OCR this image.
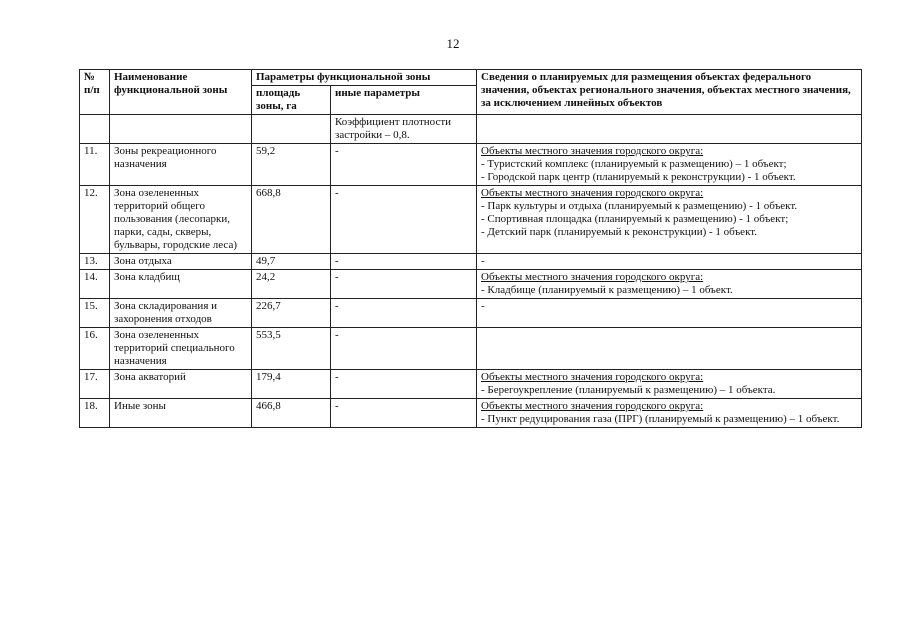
12
№ п/п	Наименование функциональной зоны	Параметры функциональной зоны		Сведения о планируемых для размещения объектах федерального значения, объектах регионального значения, объектах местного значения, за исключением линейных объектов
		площадь зоны, га	иные параметры	
			Коэффициент плотности застройки – 0,8.	
11.	Зоны рекреационного назначения	59,2	-	Объекты местного значения городского округа:
- Туристский комплекс (планируемый к размещению) – 1 объект;
- Городской парк центр (планируемый к реконструкции) - 1 объект.

12.	Зона озелененных территорий общего пользования (лесопарки, парки, сады, скверы, бульвары, городские леса)	668,8	-	Объекты местного значения городского округа:
- Парк культуры и отдыха (планируемый к размещению) - 1 объект.
- Спортивная площадка (планируемый к размещению) - 1 объект;
- Детский парк (планируемый к реконструкции) - 1 объект.

13.	Зона отдыха	49,7	-	-

14.	Зона кладбищ	24,2	-	Объекты местного значения городского округа:
- Кладбище (планируемый к размещению) – 1 объект.

15.	Зона складирования и захоронения отходов	226,7	-	-

16.	Зона озелененных территорий специального назначения	553,5	-	
17.	Зона акваторий	179,4	-	Объекты местного значения городского округа:
- Берегоукрепление (планируемый к размещению) – 1 объекта.

18.	Иные зоны	466,8	-	Объекты местного значения городского округа:
- Пункт редуцирования газа (ПРГ) (планируемый к размещению) – 1 объект.
